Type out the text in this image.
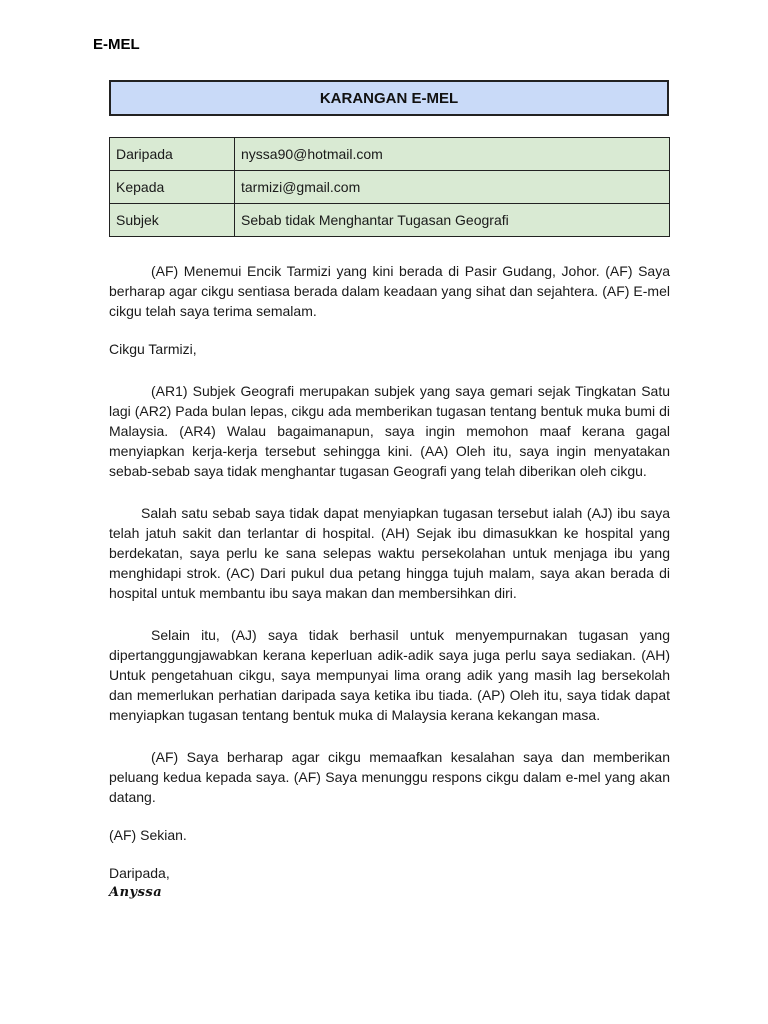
E-MEL
KARANGAN E-MEL
Daripada	nyssa90@hotmail.com
Kepada	tarmizi@gmail.com
Subjek	Sebab tidak Menghantar Tugasan Geografi

(AF) Menemui Encik Tarmizi yang kini berada di Pasir Gudang, Johor. (AF) Saya berharap agar cikgu sentiasa berada dalam keadaan yang sihat dan sejahtera. (AF) E-mel cikgu telah saya terima semalam.

Cikgu Tarmizi,

(AR1) Subjek Geografi merupakan subjek yang saya gemari sejak Tingkatan Satu lagi (AR2) Pada bulan lepas, cikgu ada memberikan tugasan tentang bentuk muka bumi di Malaysia. (AR4) Walau bagaimanapun, saya ingin memohon maaf kerana gagal menyiapkan kerja-kerja tersebut sehingga kini. (AA) Oleh itu, saya ingin menyatakan sebab-sebab saya tidak menghantar tugasan Geografi yang telah diberikan oleh cikgu.

Salah satu sebab saya tidak dapat menyiapkan tugasan tersebut ialah (AJ) ibu saya telah jatuh sakit dan terlantar di hospital. (AH) Sejak ibu dimasukkan ke hospital yang berdekatan, saya perlu ke sana selepas waktu persekolahan untuk menjaga ibu yang menghidapi strok. (AC) Dari pukul dua petang hingga tujuh malam, saya akan berada di hospital untuk membantu ibu saya makan dan membersihkan diri.

Selain itu, (AJ) saya tidak berhasil untuk menyempurnakan tugasan yang dipertanggungjawabkan kerana keperluan adik-adik saya juga perlu saya sediakan. (AH) Untuk pengetahuan cikgu, saya mempunyai lima orang adik yang masih lag bersekolah dan memerlukan perhatian daripada saya ketika ibu tiada. (AP) Oleh itu, saya tidak dapat menyiapkan tugasan tentang bentuk muka di Malaysia kerana kekangan masa.

(AF) Saya berharap agar cikgu memaafkan kesalahan saya dan memberikan peluang kedua kepada saya. (AF) Saya menunggu respons cikgu dalam e-mel yang akan datang.

(AF) Sekian.

Daripada,

Anyssa
